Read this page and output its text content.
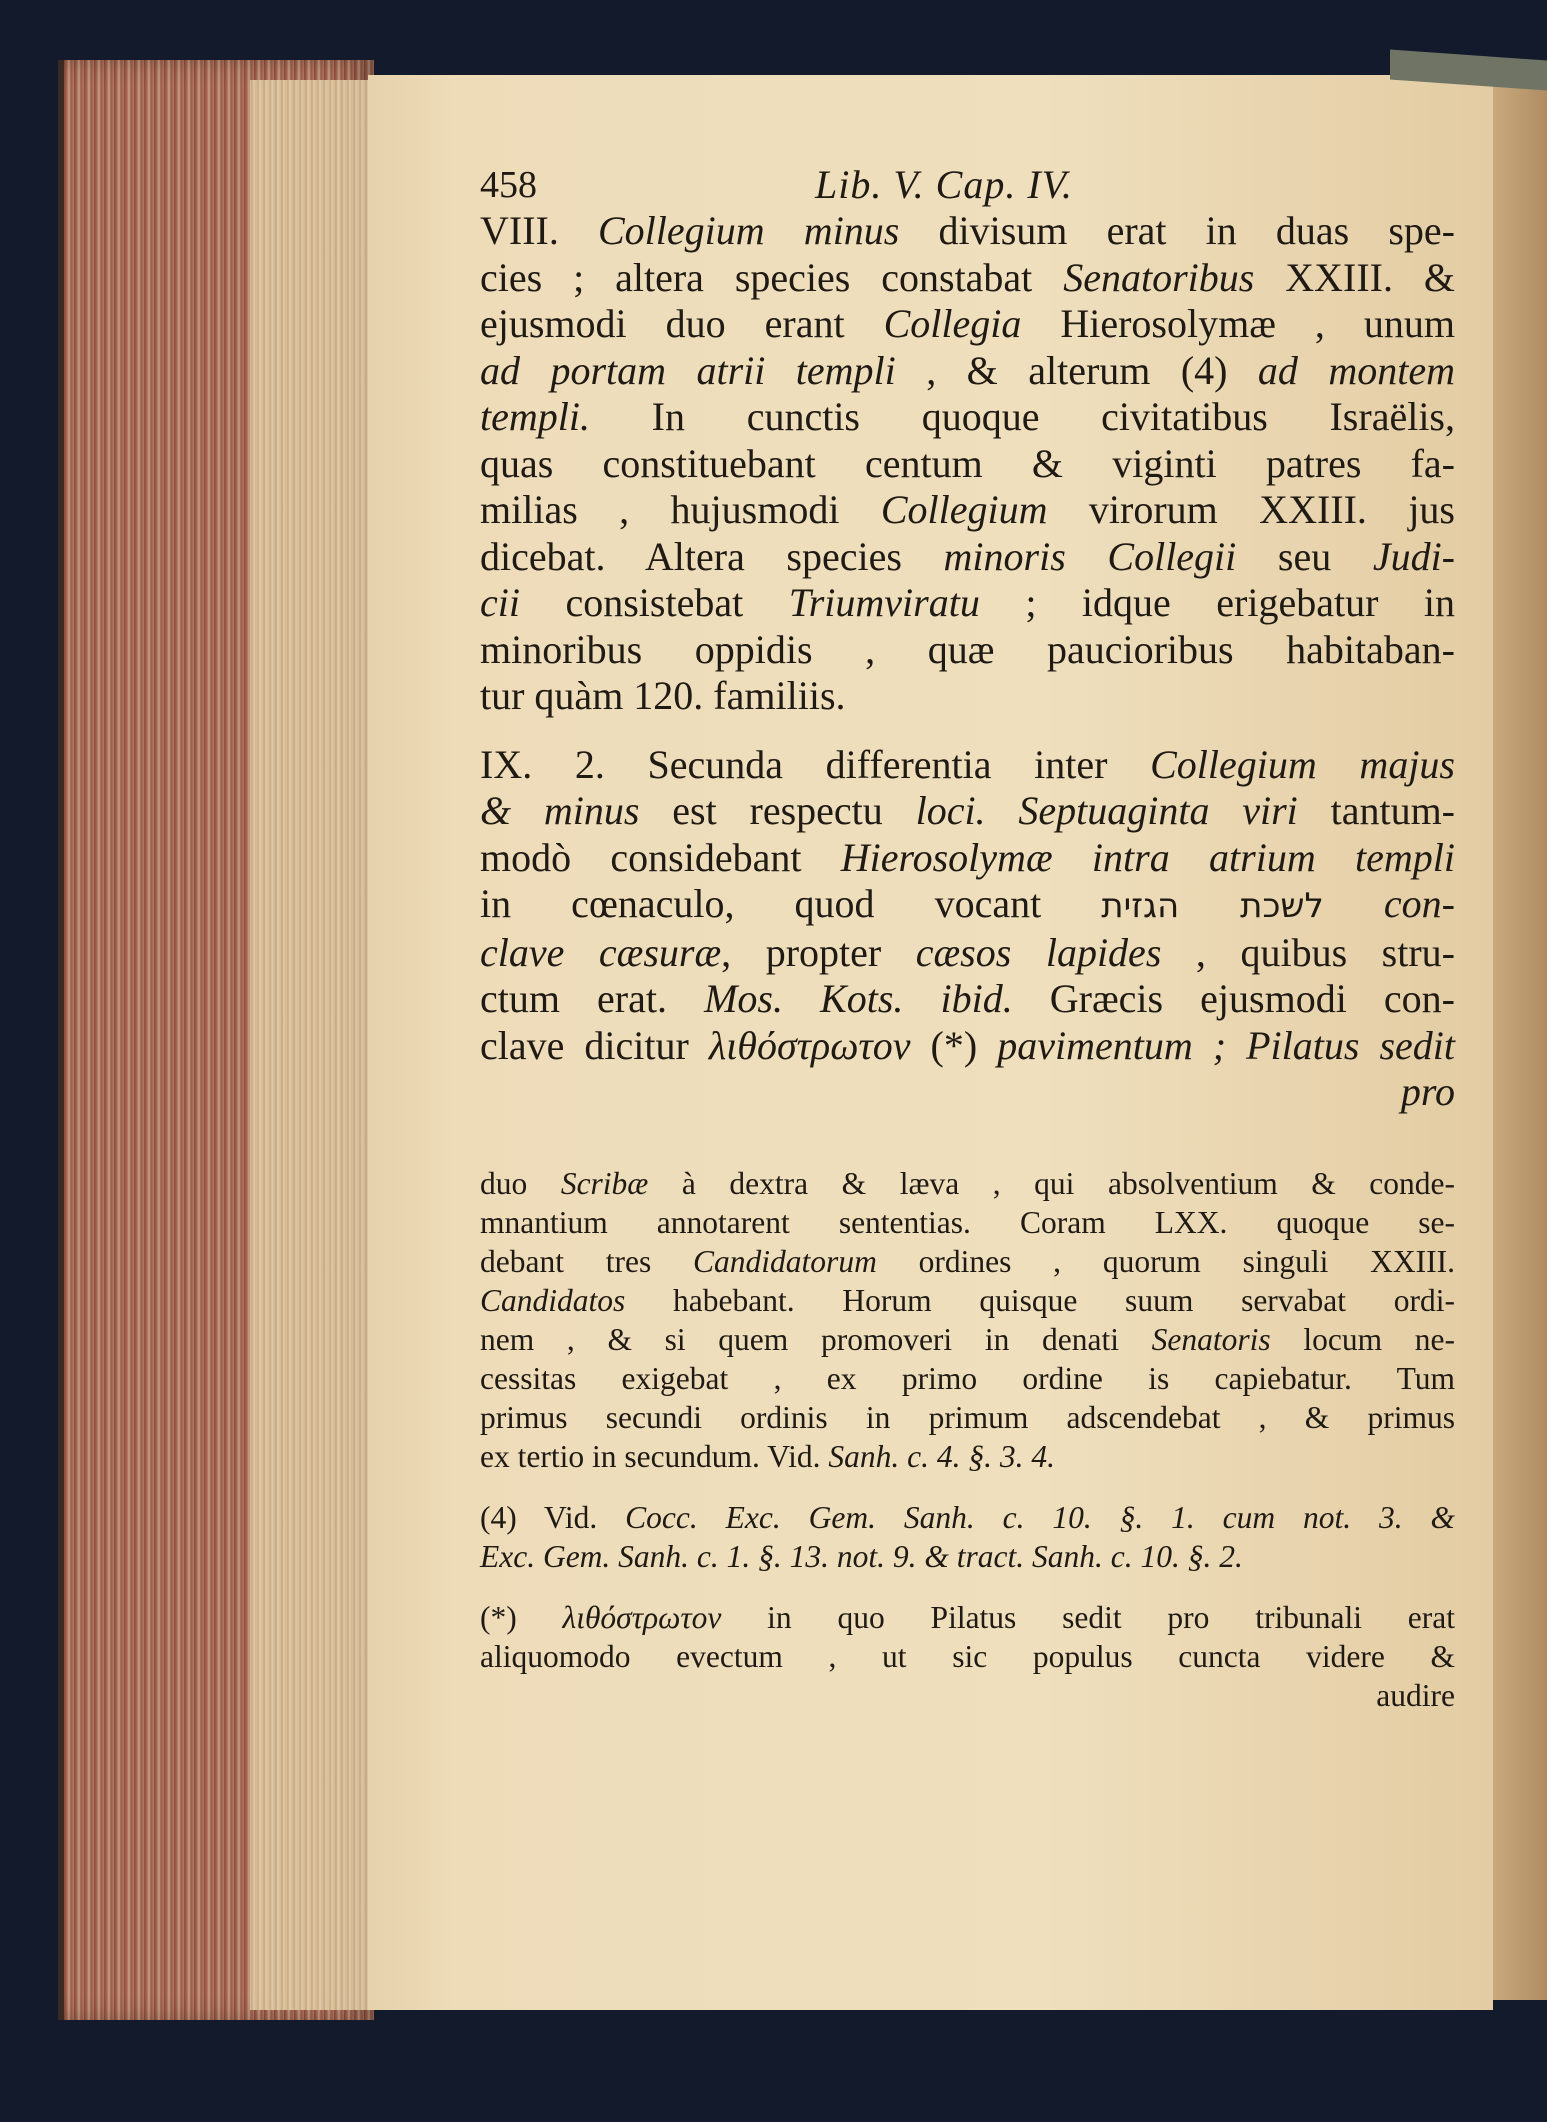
458	Lib. V. Cap. IV.
VIII. Collegium minus divisum erat in duas spe-
cies ; altera species constabat Senatoribus XXIII. &
ejusmodi duo erant Collegia Hierosolymæ , unum
ad portam atrii templi , & alterum (4) ad montem
templi. In cunctis quoque civitatibus Israëlis,
quas constituebant centum & viginti patres fa-
milias , hujusmodi Collegium virorum XXIII. jus
dicebat. Altera species minoris Collegii seu Judi-
cii consistebat Triumviratu ; idque erigebatur in
minoribus oppidis , quæ paucioribus habitaban-
tur quàm 120. familiis.
IX. 2. Secunda differentia inter Collegium majus
& minus est respectu loci. Septuaginta viri tantum-
modò considebant Hierosolymæ intra atrium templi
in cœnaculo, quod vocant לשכת הגזית con-
clave cæsuræ, propter cæsos lapides , quibus stru-
ctum erat. Mos. Kots. ibid. Græcis ejusmodi con-
clave dicitur λιθόστρωτον (*) pavimentum ; Pilatus sedit
pro
duo Scribæ à dextra & læva , qui absolventium & conde-
mnantium annotarent sententias. Coram LXX. quoque se-
debant tres Candidatorum ordines , quorum singuli XXIII.
Candidatos habebant. Horum quisque suum servabat ordi-
nem , & si quem promoveri in denati Senatoris locum ne-
cessitas exigebat , ex primo ordine is capiebatur. Tum
primus secundi ordinis in primum adscendebat , & primus
ex tertio in secundum. Vid. Sanh. c. 4. §. 3. 4.
(4) Vid. Cocc. Exc. Gem. Sanh. c. 10. §. 1. cum not. 3. &
Exc. Gem. Sanh. c. 1. §. 13. not. 9. & tract. Sanh. c. 10. §. 2.
(*) λιθόστρωτον in quo Pilatus sedit pro tribunali erat
aliquomodo evectum , ut sic populus cuncta videre &
audire
